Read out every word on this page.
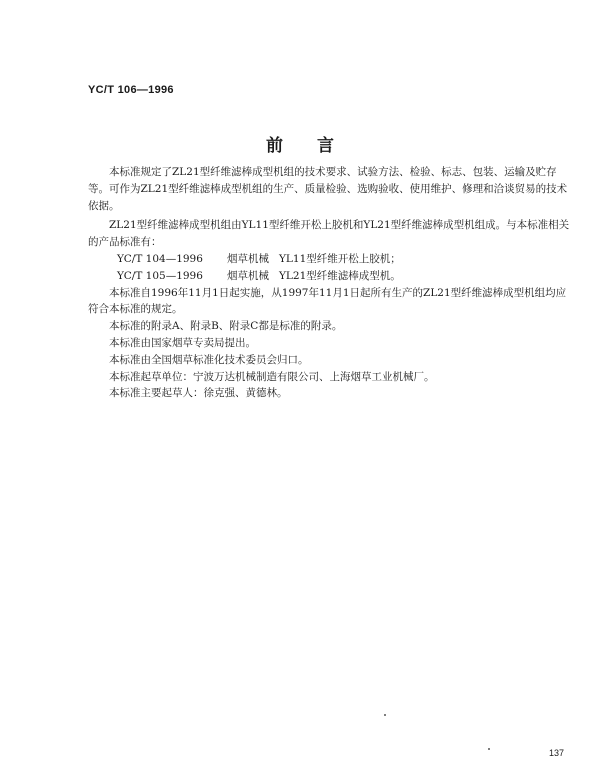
YC/T 106—1996
前言

本标准规定了ZL21型纤维滤棒成型机组的技术要求、试验方法、检验、标志、包装、运输及贮存等。可作为ZL21型纤维滤棒成型机组的生产、质量检验、选购验收、使用维护、修理和洽谈贸易的技术依据。

ZL21型纤维滤棒成型机组由YL11型纤维开松上胶机和YL21型纤维滤棒成型机组成。与本标准相关的产品标准有：

YC/T 104—1996 烟草机械 YL11型纤维开松上胶机；

YC/T 105—1996 烟草机械 YL21型纤维滤棒成型机。

本标准自1996年11月1日起实施，从1997年11月1日起所有生产的ZL21型纤维滤棒成型机组均应符合本标准的规定。

本标准的附录A、附录B、附录C都是标准的附录。

本标准由国家烟草专卖局提出。

本标准由全国烟草标准化技术委员会归口。

本标准起草单位：宁波万达机械制造有限公司、上海烟草工业机械厂。

本标准主要起草人：徐克强、黄德林。

137
